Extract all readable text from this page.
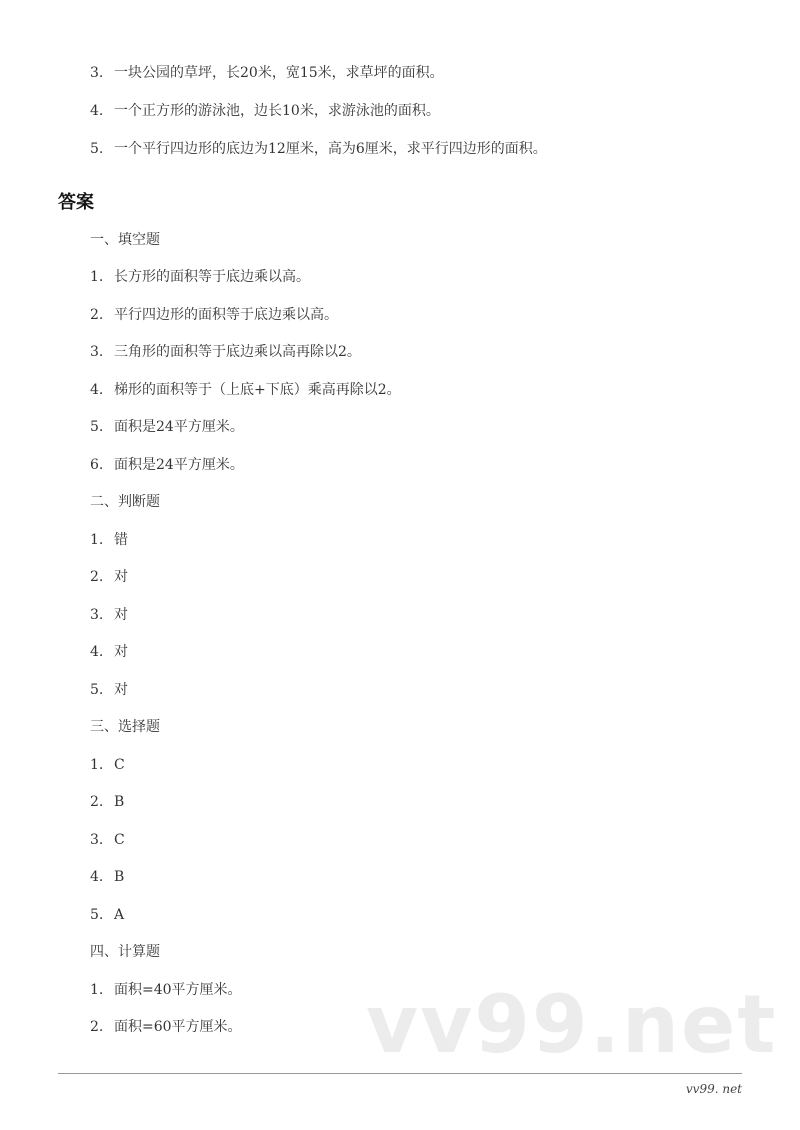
3. 一块公园的草坪，长20米，宽15米，求草坪的面积。
4. 一个正方形的游泳池，边长10米，求游泳池的面积。
5. 一个平行四边形的底边为12厘米，高为6厘米，求平行四边形的面积。
答案
一、填空题
1. 长方形的面积等于底边乘以高。
2. 平行四边形的面积等于底边乘以高。
3. 三角形的面积等于底边乘以高再除以2。
4. 梯形的面积等于（上底+下底）乘高再除以2。
5. 面积是24平方厘米。
6. 面积是24平方厘米。
二、判断题
1. 错
2. 对
3. 对
4. 对
5. 对
三、选择题
1. C
2. B
3. C
4. B
5. A
四、计算题
1. 面积=40平方厘米。
2. 面积=60平方厘米。 vv99.net
vv99. net
